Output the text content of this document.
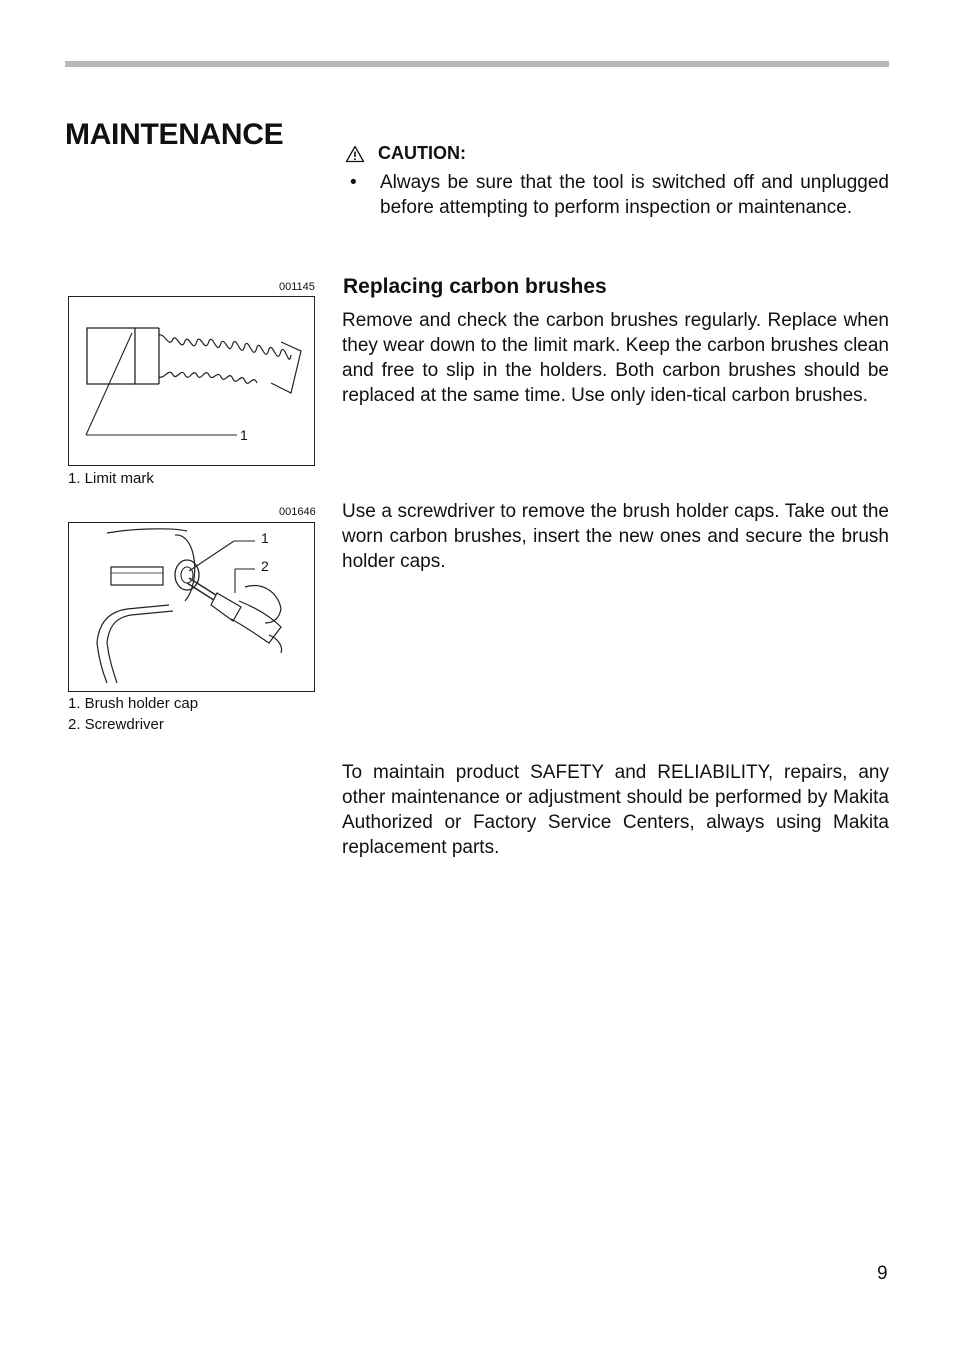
MAINTENANCE
CAUTION:
• Always be sure that the tool is switched off and unplugged before attempting to perform inspection or maintenance.
001145
1
1. Limit mark
001646
1
2
1. Brush holder cap
2. Screwdriver
Replacing carbon brushes

Remove and check the carbon brushes regularly. Replace when they wear down to the limit mark. Keep the carbon brushes clean and free to slip in the holders. Both carbon brushes should be replaced at the same time. Use only iden-tical carbon brushes.

Use a screwdriver to remove the brush holder caps. Take out the worn carbon brushes, insert the new ones and secure the brush holder caps.

To maintain product SAFETY and RELIABILITY, repairs, any other maintenance or adjustment should be performed by Makita Authorized or Factory Service Centers, always using Makita replacement parts.

9
